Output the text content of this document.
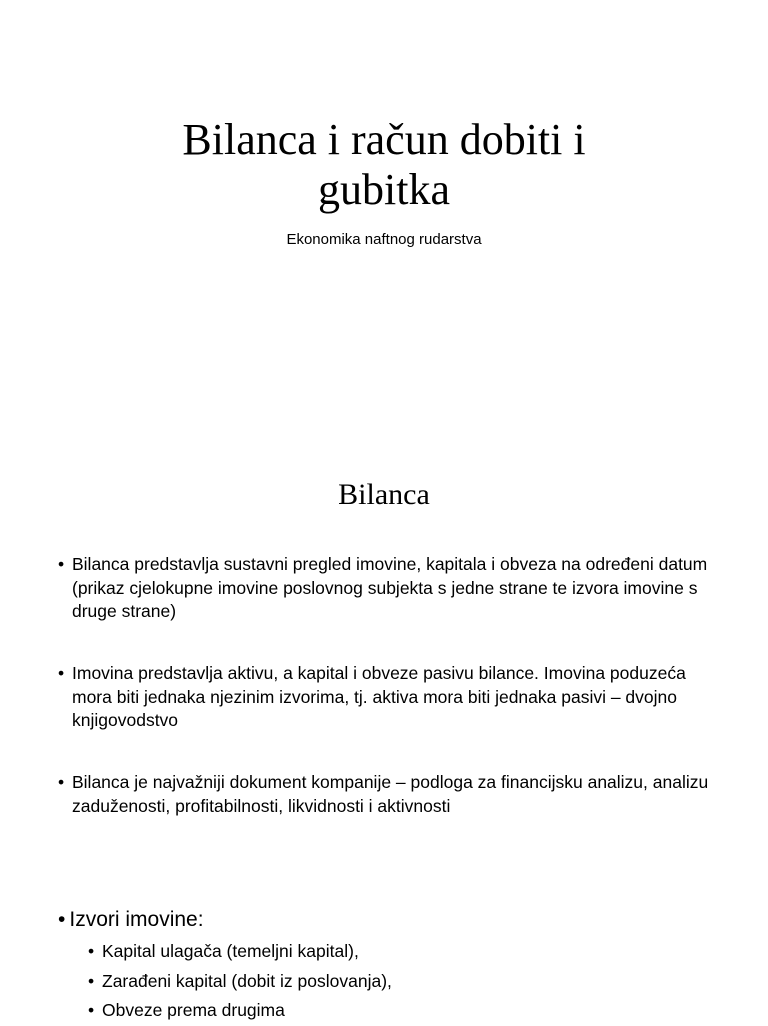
Bilanca i račun dobiti i
gubitka
Ekonomika naftnog rudarstva
Bilanca
• Bilanca predstavlja sustavni pregled imovine, kapitala i obveza na određeni datum (prikaz cjelokupne imovine poslovnog subjekta s jedne strane te izvora imovine s druge strane)
• Imovina predstavlja aktivu, a kapital i obveze pasivu bilance. Imovina poduzeća mora biti jednaka njezinim izvorima, tj. aktiva mora biti jednaka pasivi – dvojno knjigovodstvo
• Bilanca je najvažniji dokument kompanije – podloga za financijsku analizu, analizu zaduženosti, profitabilnosti, likvidnosti i aktivnosti
• Izvori imovine:
• Kapital ulagača (temeljni kapital),
• Zarađeni kapital (dobit iz poslovanja),
• Obveze prema drugima
